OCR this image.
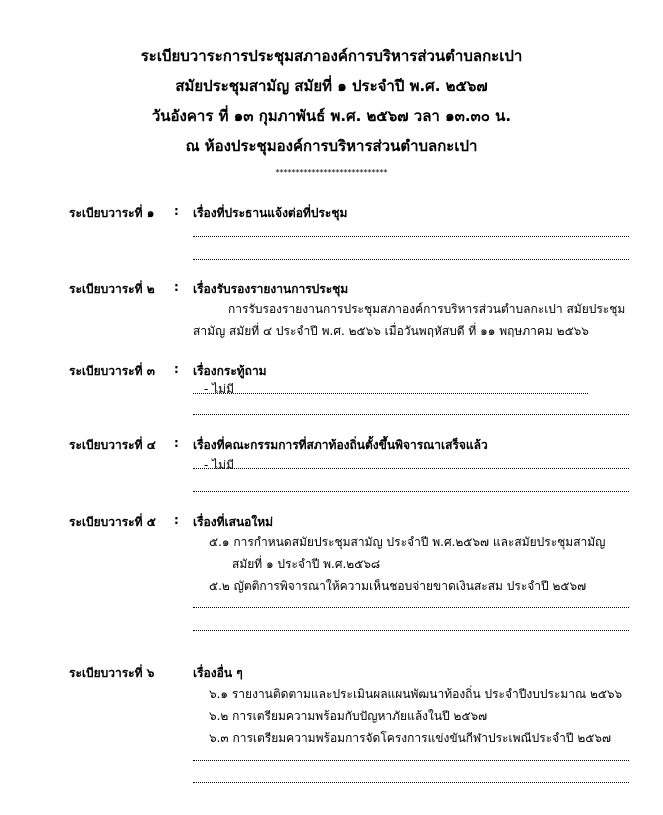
ระเบียบวาระการประชุมสภาองค์การบริหารส่วนตำบลกะเปา
สมัยประชุมสามัญ สมัยที่ ๑ ประจำปี พ.ศ. ๒๕๖๗
วันอังคาร ที่ ๑๓ กุมภาพันธ์ พ.ศ. ๒๕๖๗ วลา ๑๓.๓๐ น.
ณ ห้องประชุมองค์การบริหารส่วนตำบลกะเปา
****************************
ระเบียบวาระที่ ๑ : เรื่องที่ประธานแจ้งต่อที่ประชุม
ระเบียบวาระที่ ๒ : เรื่องรับรองรายงานการประชุม
การรับรองรายงานการประชุมสภาองค์การบริหารส่วนตำบลกะเปา สมัยประชุม
สามัญ สมัยที่ ๔ ประจำปี พ.ศ. ๒๕๖๖ เมื่อวันพฤหัสบดี ที่ ๑๑ พฤษภาคม ๒๕๖๖
ระเบียบวาระที่ ๓ : เรื่องกระทู้ถาม
- ไม่มี
ระเบียบวาระที่ ๔ : เรื่องที่คณะกรรมการที่สภาท้องถิ่นตั้งขึ้นพิจารณาเสร็จแล้ว
- ไม่มี
ระเบียบวาระที่ ๕ : เรื่องที่เสนอใหม่
๕.๑ การกำหนดสมัยประชุมสามัญ ประจำปี พ.ศ.๒๕๖๗ และสมัยประชุมสามัญ
สมัยที่ ๑ ประจำปี พ.ศ.๒๕๖๘
๕.๒ ญัตติการพิจารณาให้ความเห็นชอบจ่ายขาดเงินสะสม ประจำปี ๒๕๖๗
ระเบียบวาระที่ ๖	เรื่องอื่น ๆ
๖.๑ รายงานติดตามและประเมินผลแผนพัฒนาท้องถิ่น ประจำปีงบประมาณ ๒๕๖๖
๖.๒ การเตรียมความพร้อมกับปัญหาภัยแล้งในปี ๒๕๖๗
๖.๓ การเตรียมความพร้อมการจัดโครงการแข่งขันกีฬาประเพณีประจำปี ๒๕๖๗
